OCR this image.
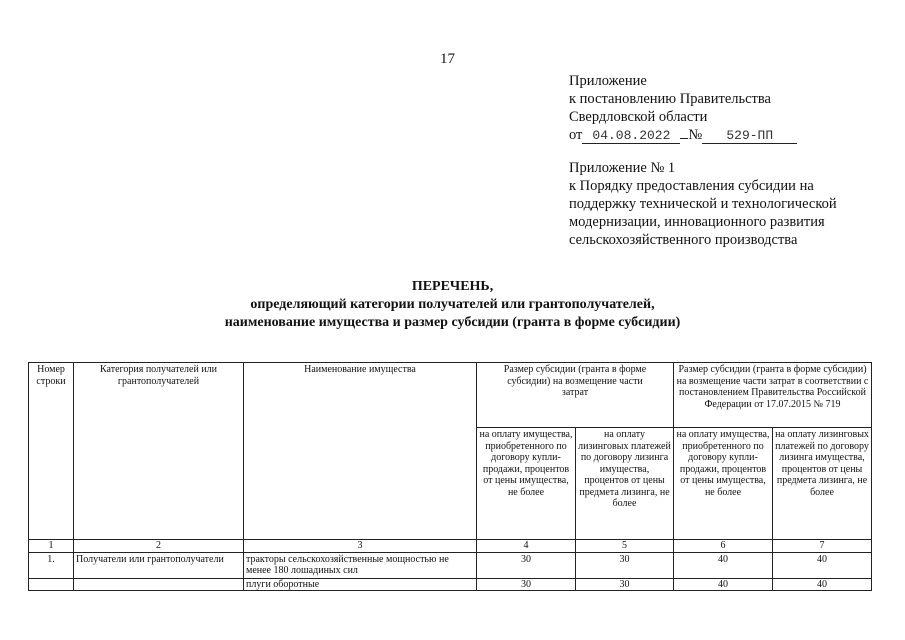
17
Приложение
к постановлению Правительства
Свердловской области
от 04.08.2022 № 529-ПП
Приложение № 1
к Порядку предоставления субсидии на
поддержку технической и технологической
модернизации, инновационного развития
сельскохозяйственного производства
ПЕРЕЧЕНЬ,
определяющий категории получателей или грантополучателей,
наименование имущества и размер субсидии (гранта в форме субсидии)
Номер строки	Категория получателей или грантополучателей	Наименование имущества	Размер субсидии (гранта в форме субсидии) на возмещение части затрат		Размер субсидии (гранта в форме субсидии) на возмещение части затрат в соответствии с постановлением Правительства Российской Федерации от 17.07.2015 № 719	
			на оплату имущества, приобретенного по договору купли-продажи, процентов от цены имущества, не более	на оплату лизинговых платежей по договору лизинга имущества, процентов от цены предмета лизинга, не более	на оплату имущества, приобретенного по договору купли-продажи, процентов от цены имущества, не более	на оплату лизинговых платежей по договору лизинга имущества, процентов от цены предмета лизинга, не более
1	2	3	4	5	6	7
1.	Получатели или грантополучатели	тракторы сельскохозяйственные мощностью не менее 180 лошадиных сил	30	30	40	40
		плуги оборотные	30	30	40	40
